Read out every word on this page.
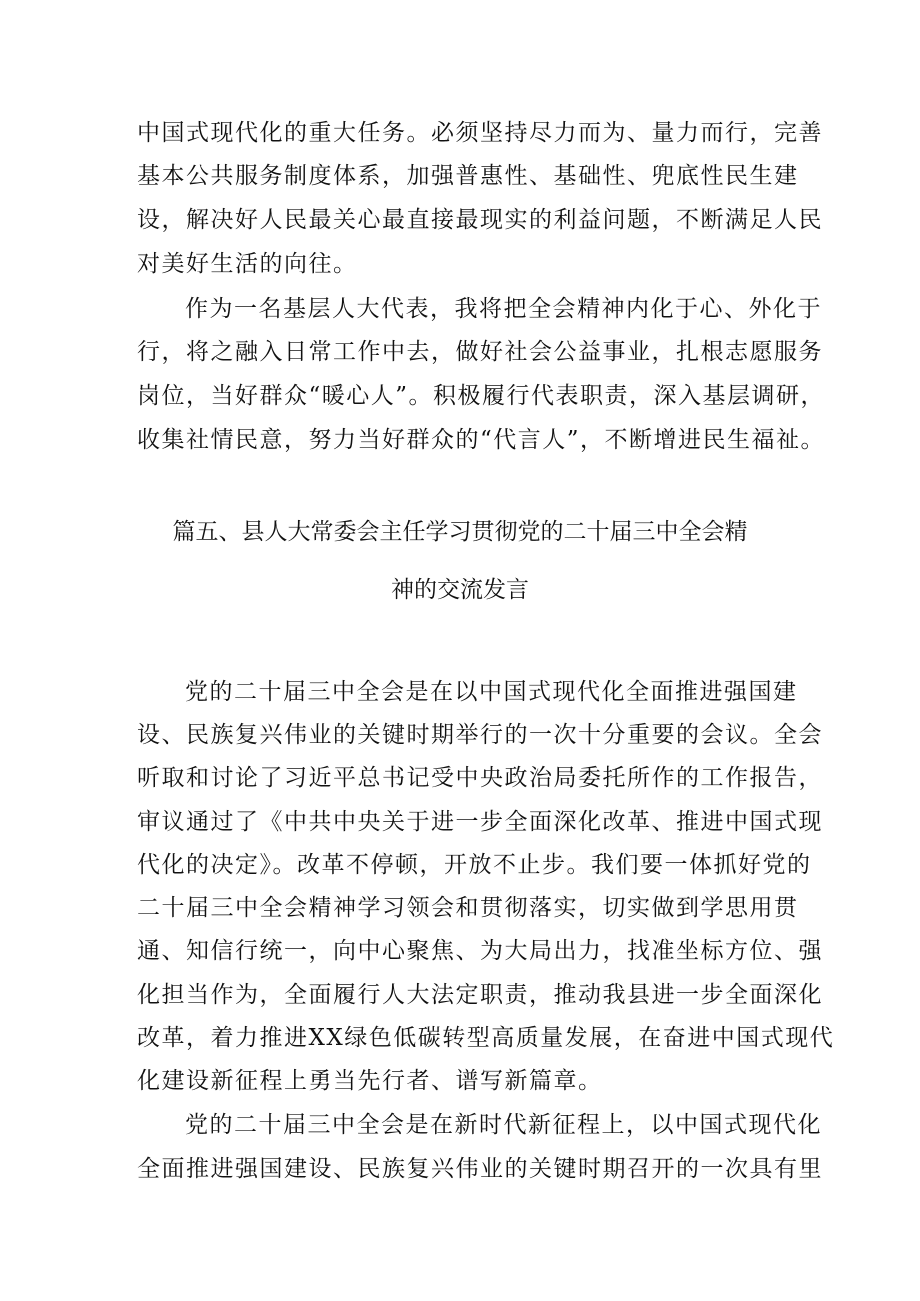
中国式现代化的重大任务。必须坚持尽力而为、量力而行，完善
基本公共服务制度体系，加强普惠性、基础性、兜底性民生建
设，解决好人民最关心最直接最现实的利益问题，不断满足人民
对美好生活的向往。
作为一名基层人大代表，我将把全会精神内化于心、外化于
行，将之融入日常工作中去，做好社会公益事业，扎根志愿服务
岗位，当好群众“暖心人”。积极履行代表职责，深入基层调研，
收集社情民意，努力当好群众的“代言人”，不断增进民生福祉。
篇五、县人大常委会主任学习贯彻党的二十届三中全会精
神的交流发言
党的二十届三中全会是在以中国式现代化全面推进强国建
设、民族复兴伟业的关键时期举行的一次十分重要的会议。全会
听取和讨论了习近平总书记受中央政治局委托所作的工作报告，
审议通过了《中共中央关于进一步全面深化改革、推进中国式现
代化的决定》。改革不停顿，开放不止步。我们要一体抓好党的
二十届三中全会精神学习领会和贯彻落实，切实做到学思用贯
通、知信行统一，向中心聚焦、为大局出力，找准坐标方位、强
化担当作为，全面履行人大法定职责，推动我县进一步全面深化
改革，着力推进XX绿色低碳转型高质量发展，在奋进中国式现代
化建设新征程上勇当先行者、谱写新篇章。
党的二十届三中全会是在新时代新征程上，以中国式现代化
全面推进强国建设、民族复兴伟业的关键时期召开的一次具有里
